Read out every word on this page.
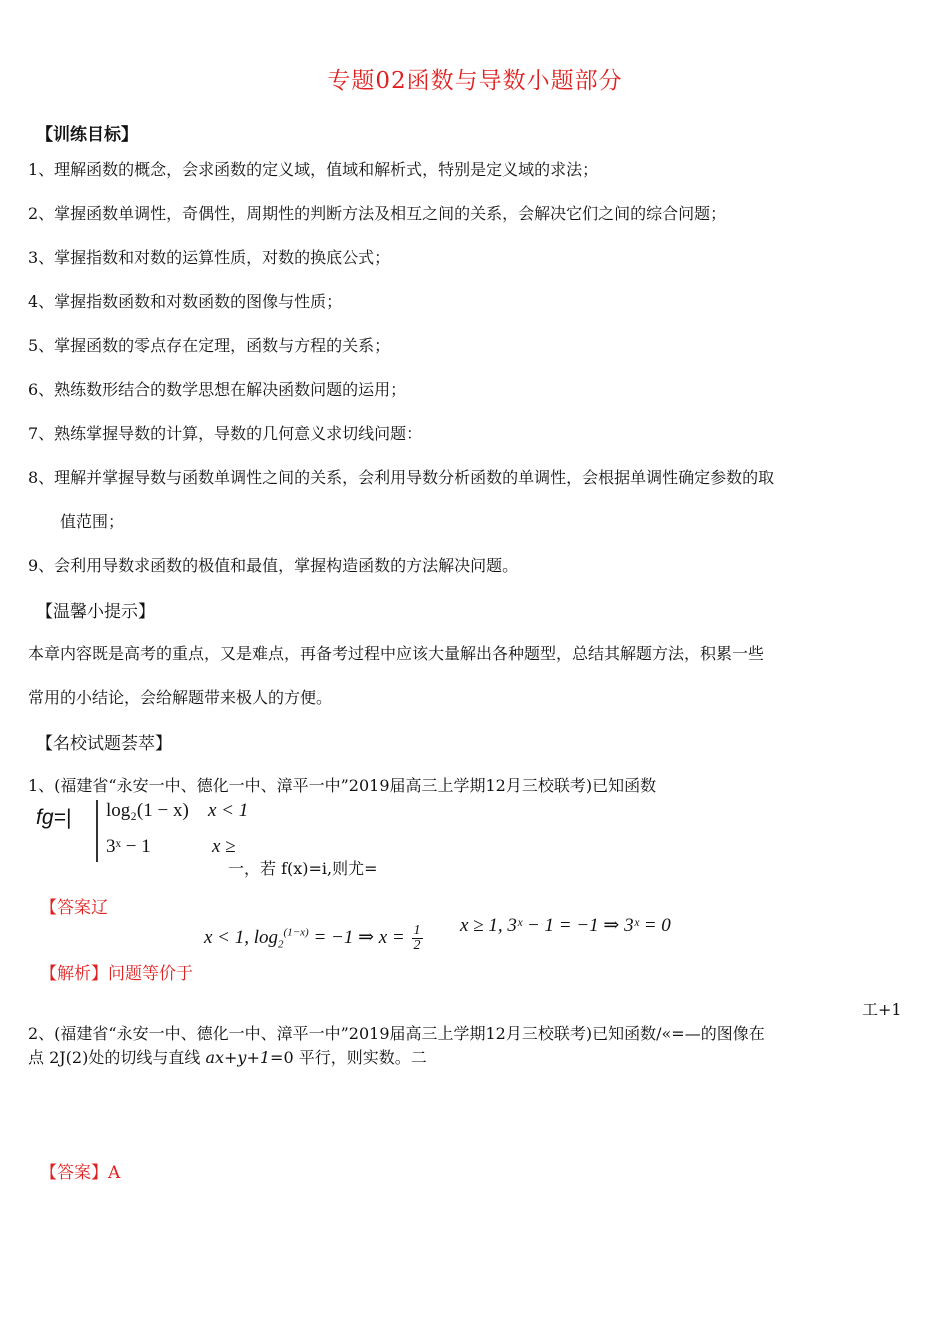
专题02函数与导数小题部分
【训练目标】
1、理解函数的概念，会求函数的定义域，值域和解析式，特别是定义域的求法；
2、掌握函数单调性，奇偶性，周期性的判断方法及相互之间的关系，会解决它们之间的综合问题；
3、掌握指数和对数的运算性质，对数的换底公式；
4、掌握指数函数和对数函数的图像与性质；
5、掌握函数的零点存在定理，函数与方程的关系；
6、熟练数形结合的数学思想在解决函数问题的运用；
7、熟练掌握导数的计算，导数的几何意义求切线问题：
8、理解并掌握导数与函数单调性之间的关系，会利用导数分析函数的单调性，会根据单调性确定参数的取
值范围；
9、会利用导数求函数的极值和最值，掌握构造函数的方法解决问题。
【温馨小提示】
本章内容既是高考的重点，又是难点，再备考过程中应该大量解出各种题型，总结其解题方法，积累一些
常用的小结论，会给解题带来极人的方便。
【名校试题荟萃】
1、(福建省“永安一中、德化一中、漳平一中”2019届高三上学期12月三校联考)已知函数
fg=| log₂(1 − x) x < 1
3ˣ − 1	x ≥
一，若 f(x)=i,则尤=
【答案辽
x < 1, $\log_2^{(1-x)} = -1$ ⇒ $x = \frac{1}{2}$ x ≥ 1, 3ˣ − 1 = −1 ⇒ 3ˣ = 0
【解析】问题等价于
工+1
2、(福建省“永安一中、德化一中、漳平一中”2019届高三上学期12月三校联考)已知函数/«=—的图像在
点 2J(2)处的切线与直线 ax+y+1=0 平行，则实数。二
【答案】A
